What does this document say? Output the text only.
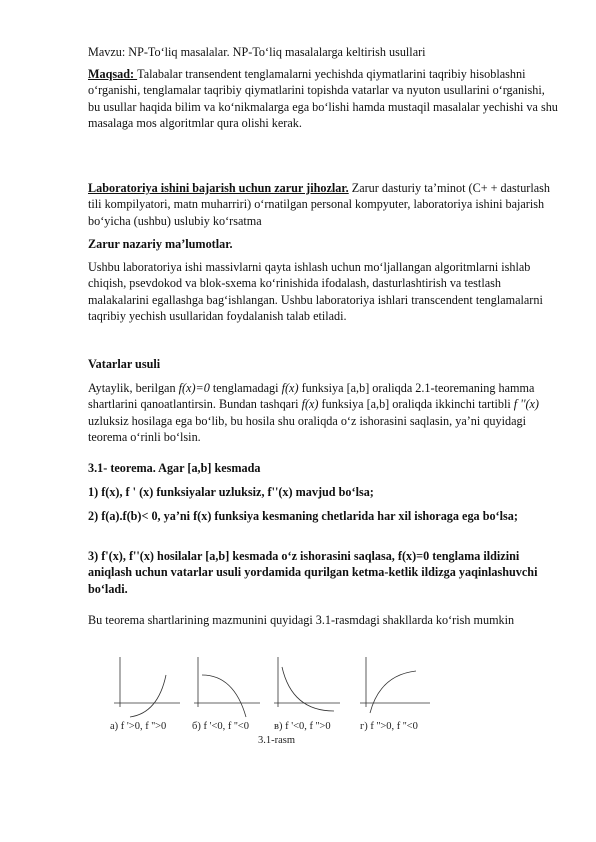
Mavzu: NP-To‘liq masalalar. NP-To‘liq masalalarga keltirish usullari

Maqsad: Talabalar transendent tenglamalarni yechishda qiymatlarini taqribiy hisoblashni o‘rganishi, tenglamalar taqribiy qiymatlarini topishda vatarlar va nyuton usullarini o‘rganishi, bu usullar haqida bilim va ko‘nikmalarga ega bo‘lishi hamda mustaqil masalalar yechishi va shu masalaga mos algoritmlar qura olishi kerak.

Laboratoriya ishini bajarish uchun zarur jihozlar. Zarur dasturiy ta’minot (C+ + dasturlash tili kompilyatori, matn muharriri) o‘rnatilgan personal kompyuter, laboratoriya ishini bajarish bo‘yicha (ushbu) uslubiy ko‘rsatma

Zarur nazariy ma’lumotlar.

Ushbu laboratoriya ishi massivlarni qayta ishlash uchun mo‘ljallangan algoritmlarni ishlab chiqish, psevdokod va blok-sxema ko‘rinishida ifodalash, dasturlashtirish va testlash malakalarini egallashga bag‘ishlangan. Ushbu laboratoriya ishlari transcendent tenglamalarni taqribiy yechish usullaridan foydalanish talab etiladi.

Vatarlar usuli

Aytaylik, berilgan f(x)=0 tenglamadagi f(x) funksiya [a,b] oraliqda 2.1-teoremaning hamma shartlarini qanoatlantirsin. Bundan tashqari f(x) funksiya [a,b] oraliqda ikkinchi tartibli f ''(x) uzluksiz hosilaga ega bo‘lib, bu hosila shu oraliqda o‘z ishorasini saqlasin, ya’ni quyidagi teorema o‘rinli bo‘lsin.

3.1- teorema. Agar [a,b] kesmada

1) f(x), f ' (x) funksiyalar uzluksiz, f''(x) mavjud bo‘lsa;

2) f(a).f(b)< 0, ya’ni f(x) funksiya kesmaning chetlarida har xil ishoraga ega bo‘lsa;

3) f'(x), f''(x) hosilalar [a,b] kesmada o‘z ishorasini saqlasa, f(x)=0 tenglama ildizini aniqlash uchun vatarlar usuli yordamida qurilgan ketma-ketlik ildizga yaqinlashuvchi bo‘ladi.

Bu teorema shartlarining mazmunini quyidagi 3.1-rasmdagi shakllarda ko‘rish mumkin

a) f '>0, f ''>0 б) f '<0, f ''<0 в) f '<0, f ''>0	г) f ''>0, f ''<0
3.1-rasm
